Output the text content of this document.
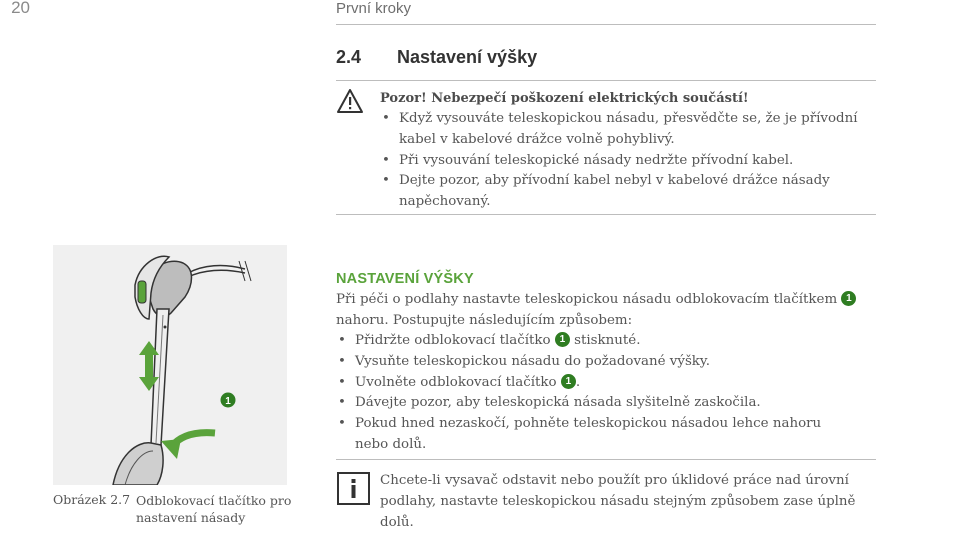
20	První kroky
2.4 Nastavení výšky
Pozor! Nebezpečí poškození elektrických součástí!
• Když vysouváte teleskopickou násadu, přesvědčte se, že je přívodní kabel v kabelové drážce volně pohyblivý.
• Při vysouvání teleskopické násady nedržte přívodní kabel.
• Dejte pozor, aby přívodní kabel nebyl v kabelové drážce násady napěchovaný.
1
Obrázek 2.7 Odblokovací tlačítko pro nastavení násady
NASTAVENÍ VÝŠKY
Při péči o podlahy nastavte teleskopickou násadu odblokovacím tlačítkem 1
nahoru. Postupujte následujícím způsobem:
• Přidržte odblokovací tlačítko 1 stisknuté.
• Vysuňte teleskopickou násadu do požadované výšky.
• Uvolněte odblokovací tlačítko 1 .
• Dávejte pozor, aby teleskopická násada slyšitelně zaskočila.
• Pokud hned nezaskočí, pohněte teleskopickou násadou lehce nahoru nebo dolů.
Chcete-li vysavač odstavit nebo použít pro úklidové práce nad úrovní podlahy, nastavte teleskopickou násadu stejným způsobem zase úplně dolů.
